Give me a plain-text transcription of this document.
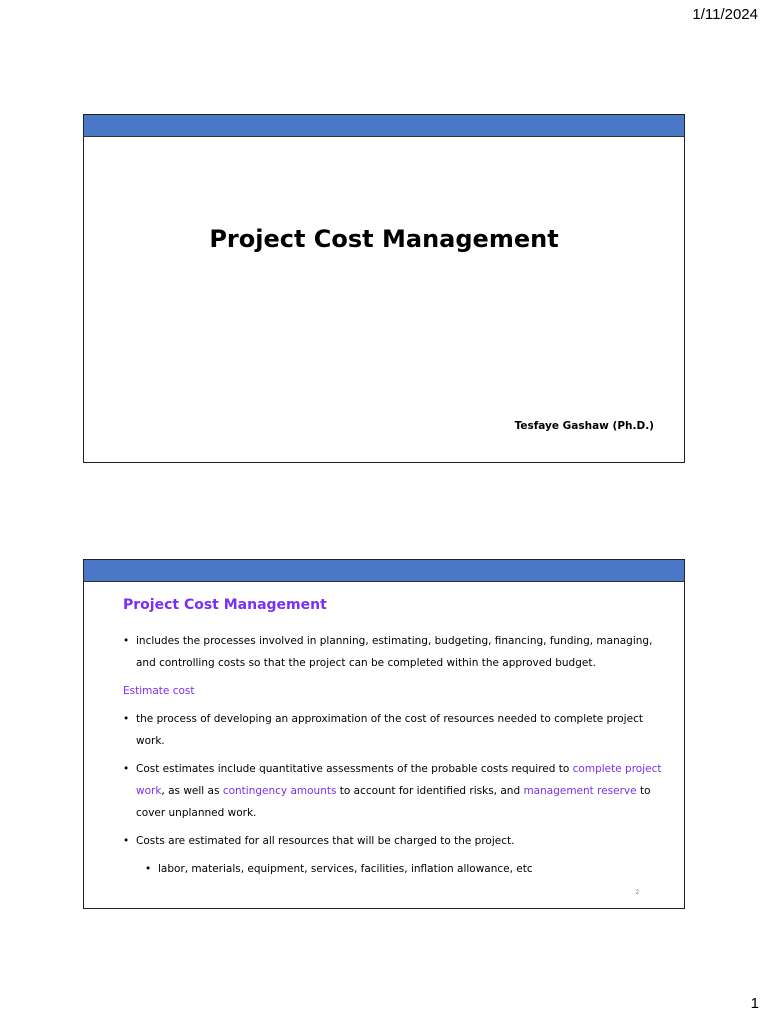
1/11/2024
Project Cost Management
Tesfaye Gashaw (Ph.D.)
Project Cost Management
• includes the processes involved in planning, estimating, budgeting, financing, funding, managing, and controlling costs so that the project can be completed within the approved budget.
Estimate cost
• the process of developing an approximation of the cost of resources needed to complete project work.
• Cost estimates include quantitative assessments of the probable costs required to complete project work, as well as contingency amounts to account for identified risks, and management reserve to cover unplanned work.
• Costs are estimated for all resources that will be charged to the project.
• labor, materials, equipment, services, facilities, inflation allowance, etc
2
1
